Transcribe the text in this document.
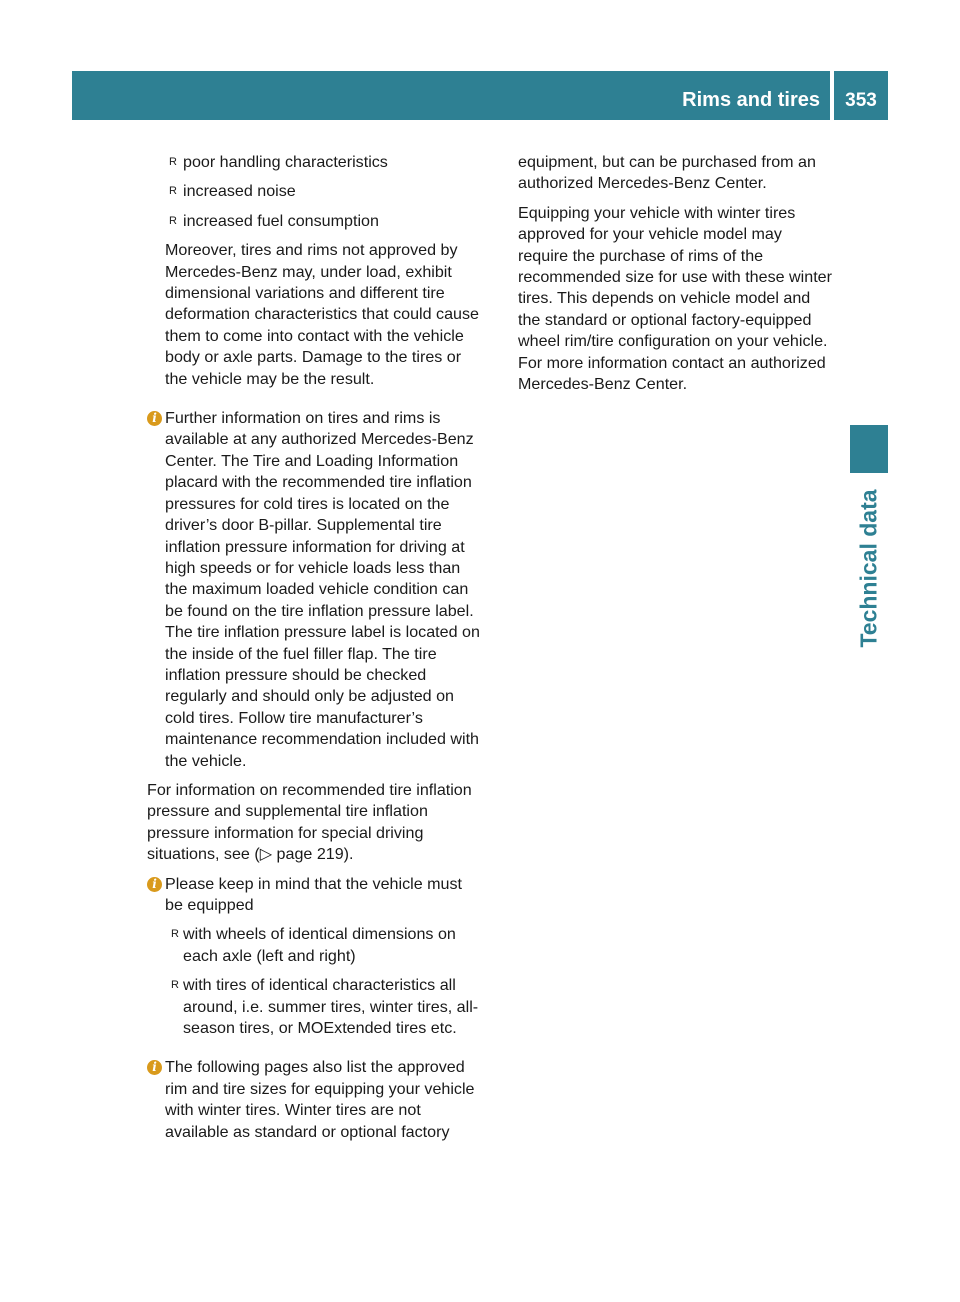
Rims and tires 353
Technical data
R poor handling characteristics
R increased noise
R increased fuel consumption

Moreover, tires and rims not approved by Mercedes-Benz may, under load, exhibit dimensional variations and different tire deformation characteristics that could cause them to come into contact with the vehicle body or axle parts. Damage to the tires or the vehicle may be the result.

i Further information on tires and rims is available at any authorized Mercedes-Benz Center. The Tire and Loading Information placard with the recommended tire inflation pressures for cold tires is located on the driver’s door B-pillar. Supplemental tire inflation pressure information for driving at high speeds or for vehicle loads less than the maximum loaded vehicle condition can be found on the tire inflation pressure label. The tire inflation pressure label is located on the inside of the fuel filler flap. The tire inflation pressure should be checked regularly and should only be adjusted on cold tires. Follow tire manufacturer’s maintenance recommendation included with the vehicle.

For information on recommended tire inflation pressure and supplemental tire inflation pressure information for special driving situations, see (▷ page 219).

i Please keep in mind that the vehicle must be equipped
R with wheels of identical dimensions on each axle (left and right)
R with tires of identical characteristics all around, i.e. summer tires, winter tires, all-season tires, or MOExtended tires etc.
i The following pages also list the approved rim and tire sizes for equipping your vehicle with winter tires. Winter tires are not available as standard or optional factory

equipment, but can be purchased from an authorized Mercedes-Benz Center.

Equipping your vehicle with winter tires approved for your vehicle model may require the purchase of rims of the recommended size for use with these winter tires. This depends on vehicle model and the standard or optional factory-equipped wheel rim/tire configuration on your vehicle. For more information contact an authorized Mercedes-Benz Center.
